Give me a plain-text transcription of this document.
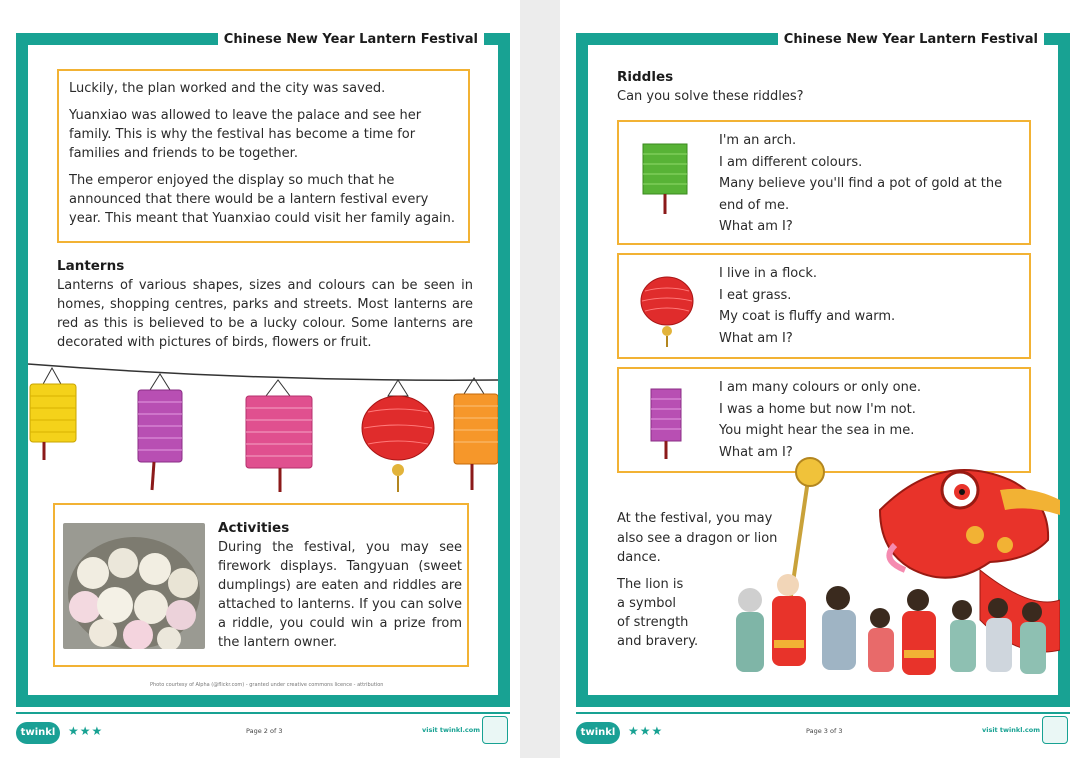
Chinese New Year Lantern Festival

Luckily, the plan worked and the city was saved.

Yuanxiao was allowed to leave the palace and see her family. This is why the festival has become a time for families and friends to be together.

The emperor enjoyed the display so much that he announced that there would be a lantern festival every year. This meant that Yuanxiao could visit her family again.

Lanterns
Lanterns of various shapes, sizes and colours can be seen in homes, shopping centres, parks and streets. Most lanterns are red as this is believed to be a lucky colour. Some lanterns are decorated with pictures of birds, flowers or fruit.
Activities
During the festival, you may see firework displays. Tangyuan (sweet dumplings) are eaten and riddles are attached to lanterns. If you can solve a riddle, you could win a prize from the lantern owner.
Photo courtesy of Alpha (@flickr.com) - granted under creative commons licence - attribution
twinkl	★★★	Page 2 of 3	visit twinkl.com
Chinese New Year Lantern Festival
Riddles
Can you solve these riddles?
I'm an arch.
I am different colours.
Many believe you'll find a pot of gold at the
end of me.
What am I?
I live in a flock.
I eat grass.
My coat is fluffy and warm.
What am I?
I am many colours or only one.
I was a home but now I'm not.
You might hear the sea in me.
What am I?

At the festival, you may also see a dragon or lion dance.

The lion is
a symbol
of strength
and bravery.
twinkl	★★★	Page 3 of 3	visit twinkl.com
